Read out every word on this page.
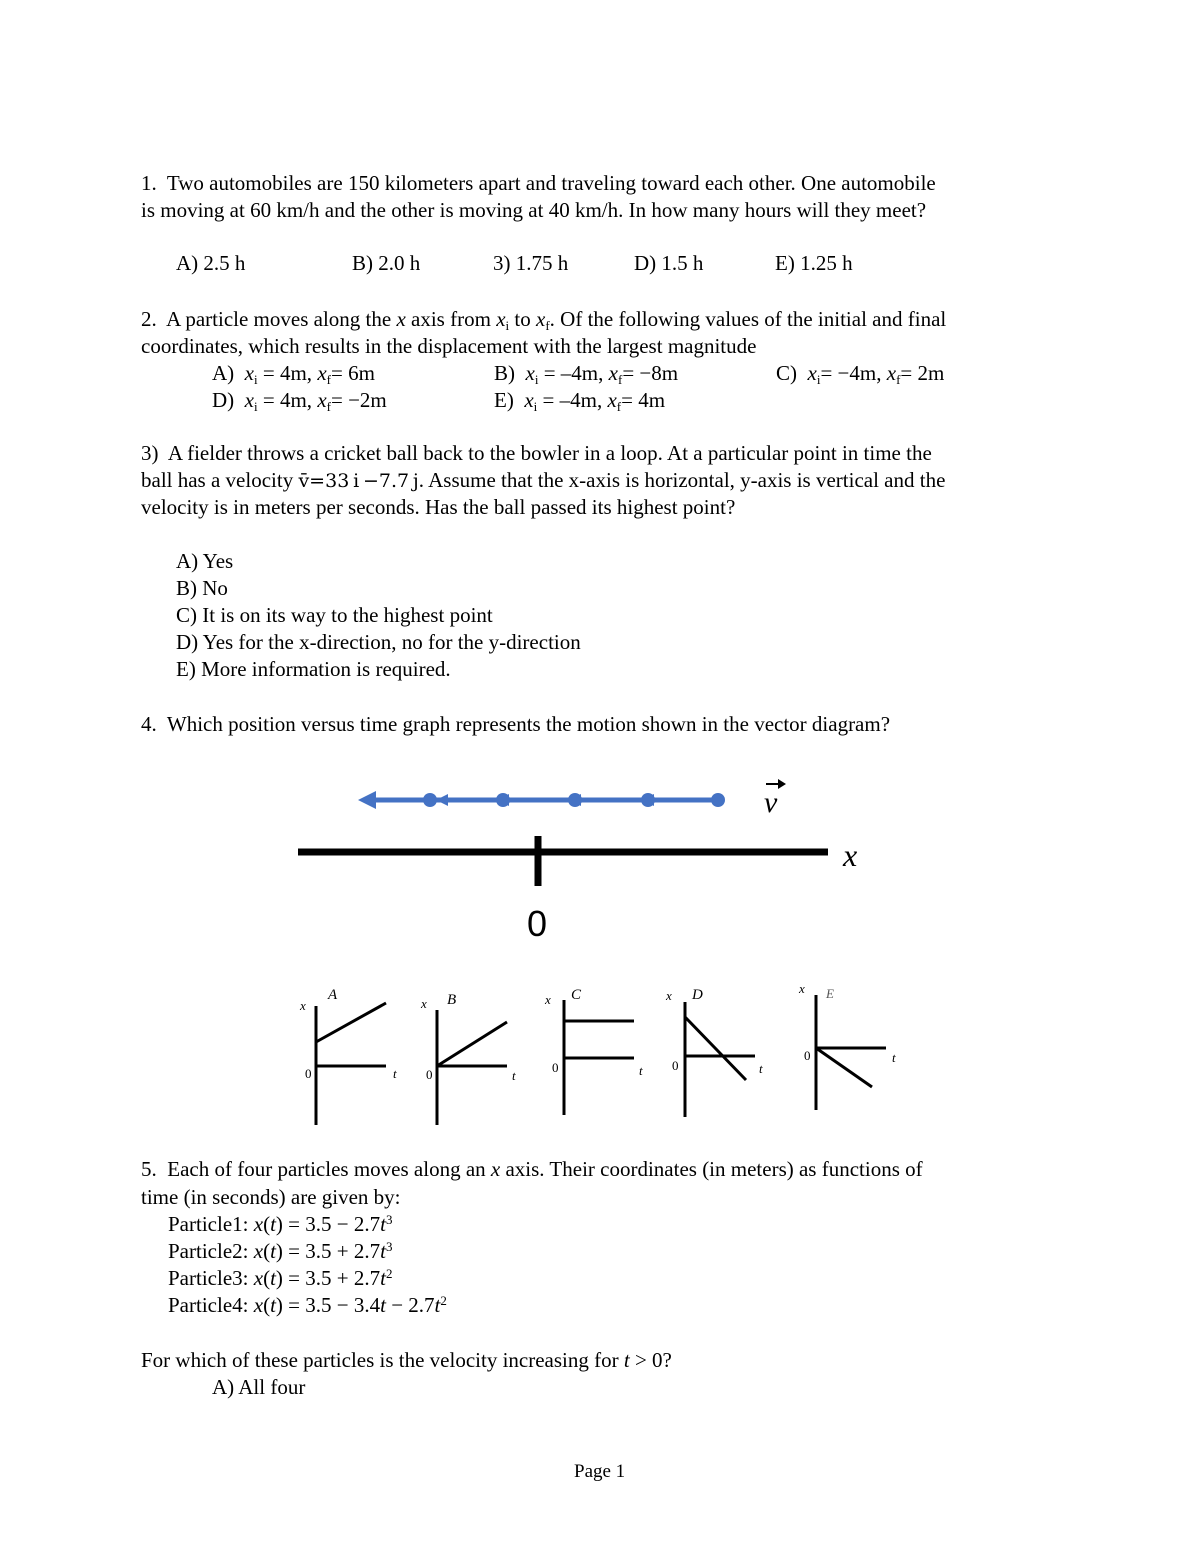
1. Two automobiles are 150 kilometers apart and traveling toward each other. One automobile
is moving at 60 km/h and the other is moving at 40 km/h. In how many hours will they meet?
A) 2.5 h	B) 2.0 h	3) 1.75 h	D) 1.5 h	E) 1.25 h
2. A particle moves along the x axis from $x_i$ to $x_f$. Of the following values of the initial and final
coordinates, which results in the displacement with the largest magnitude
A) $x_i = 4m$, $x_f= 6m$	B) $x_i = -4m$, $x_f= -8m$	C) $x_i= -4m$, $x_f= 2m$
D) $x_i = 4m$, $x_f= -2m$	E) $x_i = -4m$, $x_f= 4m$
3) A fielder throws a cricket ball back to the bowler in a loop. At a particular point in time the
ball has a velocity v̄=33 i −7.7 j. Assume that the x-axis is horizontal, y-axis is vertical and the
velocity is in meters per seconds. Has the ball passed its highest point?
A) Yes
B) No
C) It is on its way to the highest point
D) Yes for the x-direction, no for the y-direction
E) More information is required.
4. Which position versus time graph represents the motion shown in the vector diagram?
v
x
0
A
x
t
0
B
x
t
0
C
x
t
0
D
x
t
0
E
x
t
0
5. Each of four particles moves along an x axis. Their coordinates (in meters) as functions of
time (in seconds) are given by:
Particle1: $x(t) = 3.5 - 2.7t^3$
Particle2: $x(t) = 3.5 + 2.7t^3$
Particle3: $x(t) = 3.5 + 2.7t^2$
Particle4: $x(t) = 3.5 - 3.4t - 2.7t^2$
For which of these particles is the velocity increasing for t > 0?
A) All four
Page 1
